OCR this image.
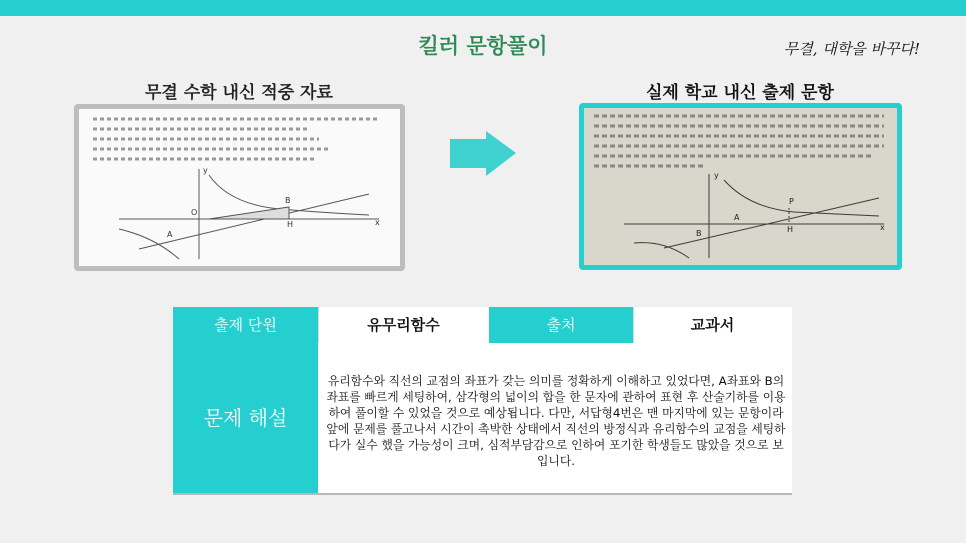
킬러 문항풀이	무결, 대학을 바꾸다!
무결 수학 내신 적중 자료	실제 학교 내신 출제 문항
O
A
B
H	x
y
y
A
P
H	x
B
출제 단원	유무리함수	출처	교과서
문제 해설
유리함수와 직선의 교점의 좌표가 갖는 의미를 정확하게 이해하고 있었다면, A좌표와 B의 좌표를 빠르게 세팅하여, 삼각형의 넓이의 합을 한 문자에 관하여 표현 후 산술기하를 이용하여 풀이할 수 있었을 것으로 예상됩니다. 다만, 서답형4번은 맨 마지막에 있는 문항이라 앞에 문제를 풀고나서 시간이 촉박한 상태에서 직선의 방정식과 유리함수의 교점을 세팅하다가 실수 했을 가능성이 크며, 심적부담감으로 인하여 포기한 학생들도 많았을 것으로 보입니다.
